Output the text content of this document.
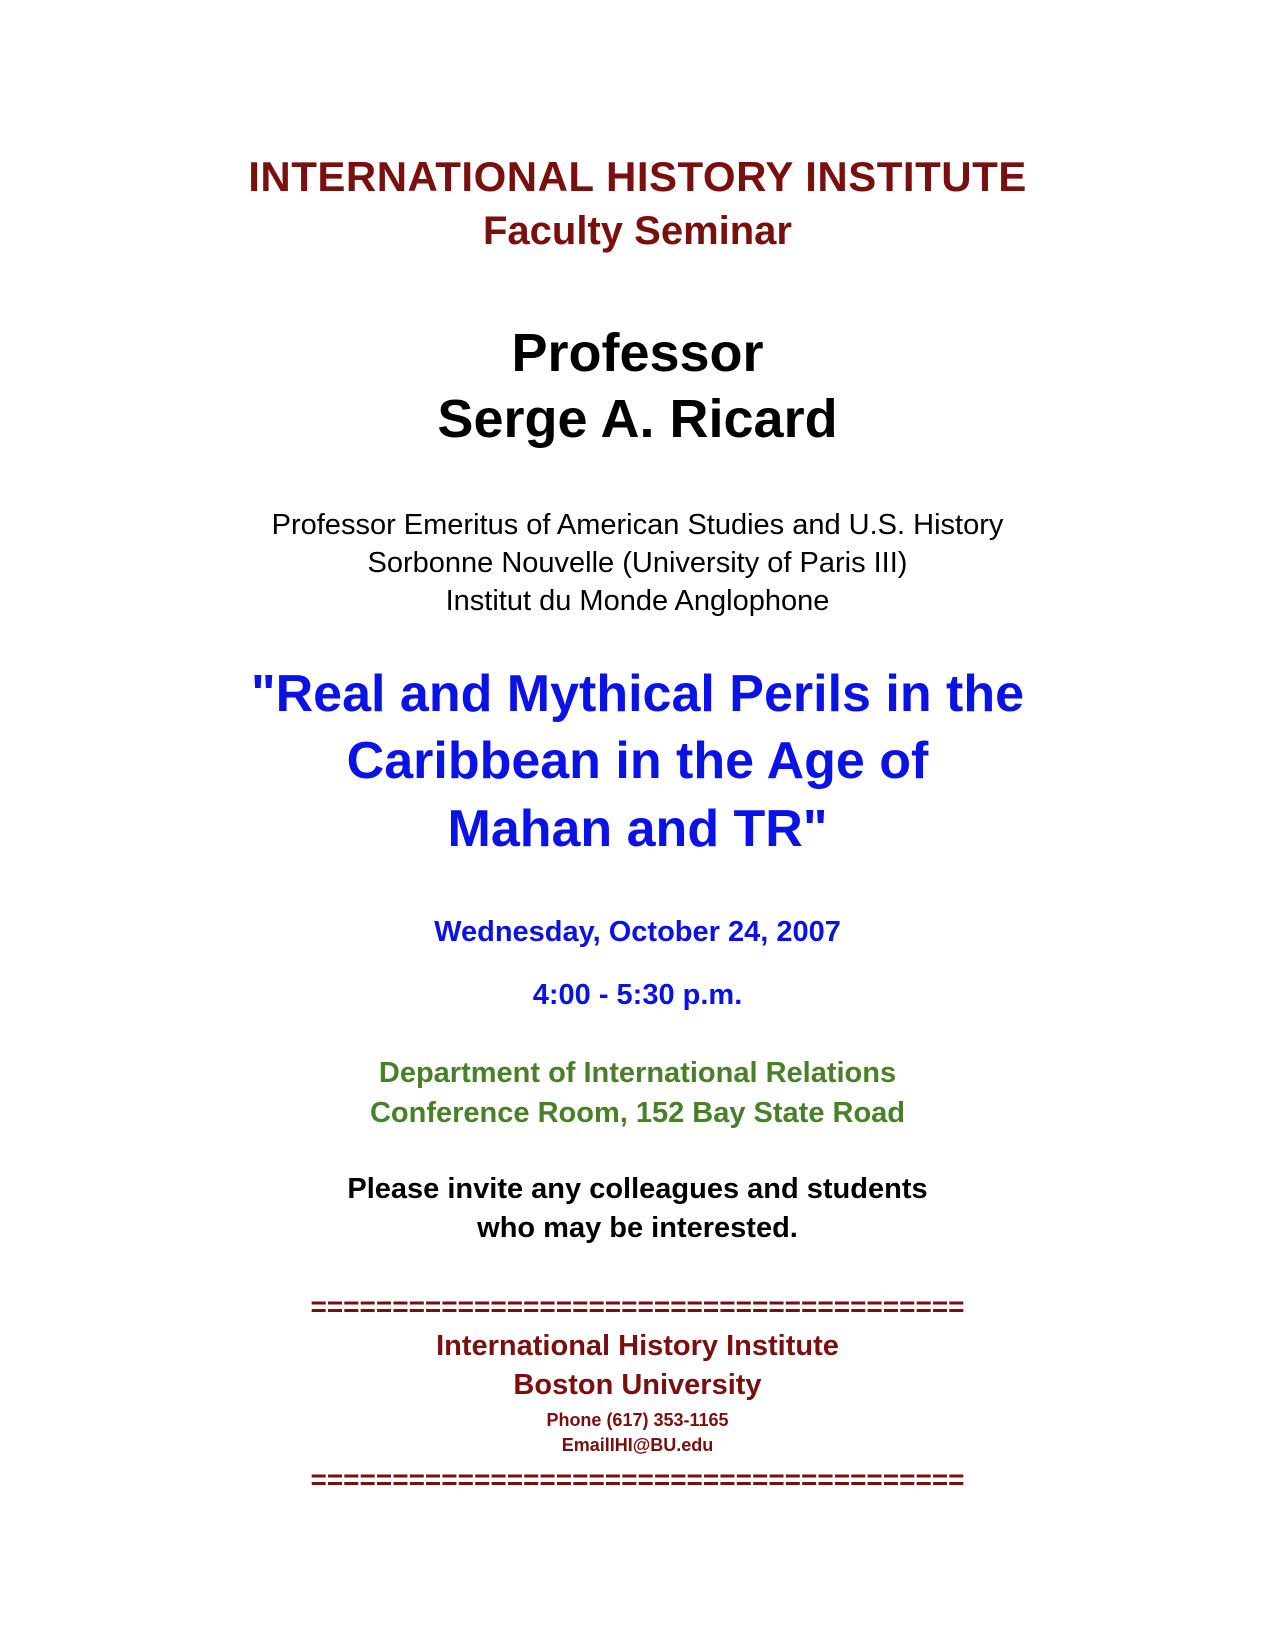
INTERNATIONAL HISTORY INSTITUTE
Faculty Seminar
Professor
Serge A. Ricard
Professor Emeritus of American Studies and U.S. History
Sorbonne Nouvelle (University of Paris III)
Institut du Monde Anglophone
"Real and Mythical Perils in the
Caribbean in the Age of
Mahan and TR"
Wednesday, October 24, 2007
4:00 - 5:30 p.m.
Department of International Relations
Conference Room, 152 Bay State Road
Please invite any colleagues and students
who may be interested.
========================================
International History Institute
Boston University
Phone (617) 353-1165
EmailIHI@BU.edu
========================================
